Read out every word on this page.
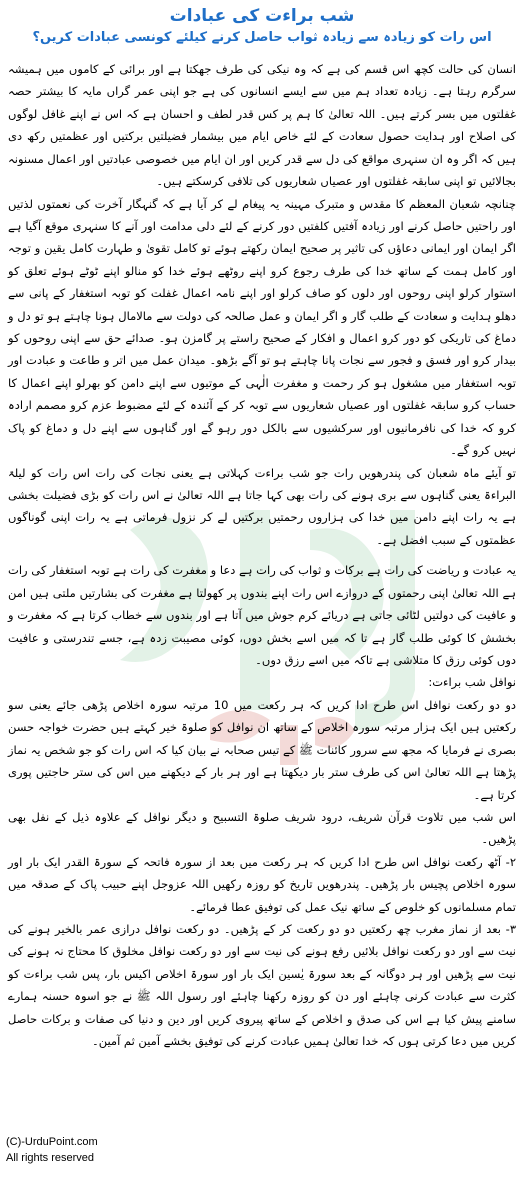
شب براءت کی عبادات
اس رات کو زیادہ سے زیادہ ثواب حاصل کرنے کیلئے کونسی عبادات کریں؟

انسان کی حالت کچھ اس قسم کی ہے کہ وہ نیکی کی طرف جھکتا ہے اور برائی کے کاموں میں ہمیشہ سرگرم رہتا ہے۔ زیادہ تعداد ہم میں سے ایسے انسانوں کی ہے جو اپنی عمر گراں مایہ کا بیشتر حصہ غفلتوں میں بسر کرتے ہیں۔ اللہ تعالیٰ کا ہم پر کس قدر لطف و احسان ہے کہ اس نے اپنے غافل لوگوں کی اصلاح اور ہدایت حصول سعادت کے لئے خاص ایام میں بیشمار فضیلتیں برکتیں اور عظمتیں رکھ دی ہیں کہ اگر وہ ان سنہری مواقع کی دل سے قدر کریں اور ان ایام میں خصوصی عبادتیں اور اعمال مسنونہ بجالائیں تو اپنی سابقہ غفلتوں اور عصیاں شعاریوں کی تلافی کرسکتے ہیں۔

چنانچہ شعبان المعظم کا مقدس و متبرک مہینہ یہ پیغام لے کر آیا ہے کہ گنہگار آخرت کی نعمتوں لذتیں اور راحتیں حاصل کرنے اور زیادہ آفتیں کلفتیں دور کرنے کے لئے دلی مدامت اور آنے کا سنہری موقع آگیا ہے اگر ایمان اور ایمانی دعاؤں کی تاثیر پر صحیح ایمان رکھتے ہوئے تو کامل تقویٰ و طہارت کامل یقین و توجہ اور کامل ہمت کے ساتھ خدا کی طرف رجوع کرو اپنے روٹھے ہوئے خدا کو منالو اپنے ٹوٹے ہوئے تعلق کو استوار کرلو اپنی روحوں اور دلوں کو صاف کرلو اور اپنے نامہ اعمال غفلت کو توبہ استغفار کے پانی سے دھلو ہدایت و سعادت کے طلب گار و اگر ایمان و عمل صالحہ کی دولت سے مالامال ہونا چاہتے ہو تو دل و دماغ کی تاریکی کو دور کرو اعمال و افکار کے صحیح راستے پر گامزن ہو۔ صدائے حق سے اپنی روحوں کو بیدار کرو اور فسق و فجور سے نجات پانا چاہتے ہو تو آگے بڑھو۔ میدان عمل میں اتر و طاعت و عبادت اور توبہ استغفار میں مشغول ہو کر رحمت و مغفرت الٰہی کے موتیوں سے اپنے دامن کو بھرلو اپنے اعمال کا حساب کرو سابقہ غفلتوں اور عصیاں شعاریوں سے توبہ کر کے آئندہ کے لئے مضبوط عزم کرو مصمم ارادہ کرو کہ خدا کی نافرمانیوں اور سرکشیوں سے بالکل دور رہو گے اور گناہوں سے اپنے دل و دماغ کو پاک نہیں کرو گے۔

تو آیئے ماہ شعبان کی پندرھویں رات جو شب براءت کہلاتی ہے یعنی نجات کی رات اس رات کو لیلۃ البراءۃ یعنی گناہوں سے بری ہونے کی رات بھی کہا جاتا ہے اللہ تعالیٰ نے اس رات کو بڑی فضیلت بخشی ہے یہ رات اپنے دامن میں خدا کی ہزاروں رحمتیں برکتیں لے کر نزول فرماتی ہے یہ رات اپنی گوناگوں عظمتوں کے سبب افضل ہے۔

یہ عبادت و ریاضت کی رات ہے برکات و ثواب کی رات ہے دعا و مغفرت کی رات ہے توبہ استغفار کی رات ہے اللہ تعالیٰ اپنی رحمتوں کے دروازے اس رات اپنے بندوں پر کھولتا ہے مغفرت کی بشارتیں ملتی ہیں امن و عافیت کی دولتیں لٹائی جاتی ہے دریائے کرم جوش میں آتا ہے اور بندوں سے خطاب کرتا ہے کہ مغفرت و بخشش کا کوئی طلب گار ہے تا کہ میں اسے بخش دوں، کوئی مصیبت زدہ ہے، جسے تندرستی و عافیت دوں کوئی رزق کا متلاشی ہے تاکہ میں اسے رزق دوں۔

نوافل شب براءت:

دو دو رکعت نوافل اس طرح ادا کریں کہ ہر رکعت میں 10 مرتبہ سورہ اخلاص پڑھی جائے یعنی سو رکعتیں ہیں ایک ہزار مرتبہ سورہ اخلاص کے ساتھ ان نوافل کو صلوۃ خیر کہتے ہیں حضرت خواجہ حسن بصری نے فرمایا کہ مجھ سے سرور کائنات ﷺ کے تیس صحابہ نے بیان کیا کہ اس رات کو جو شخص یہ نماز پڑھتا ہے اللہ تعالیٰ اس کی طرف ستر بار دیکھتا ہے اور ہر بار کے دیکھنے میں اس کی ستر حاجتیں پوری کرتا ہے۔

اس شب میں تلاوت قرآن شریف، درود شریف صلوۃ التسبیح و دیگر نوافل کے علاوہ ذیل کے نفل بھی پڑھیں۔

۲- آٹھ رکعت نوافل اس طرح ادا کریں کہ ہر رکعت میں بعد از سورہ فاتحہ کے سورۃ القدر ایک بار اور سورہ اخلاص پچیس بار پڑھیں۔ پندرھویں تاریخ کو روزہ رکھیں اللہ عزوجل اپنے حبیب پاک کے صدقہ میں تمام مسلمانوں کو خلوص کے ساتھ نیک عمل کی توفیق عطا فرمائے۔

۳- بعد از نماز مغرب چھ رکعتیں دو دو رکعت کر کے پڑھیں۔ دو رکعت نوافل درازی عمر بالخیر ہونے کی نیت سے اور دو رکعت نوافل بلائیں رفع ہونے کی نیت سے اور دو رکعت نوافل مخلوق کا محتاج نہ ہونے کی نیت سے پڑھیں اور ہر دوگانہ کے بعد سورۃ یٰسین ایک بار اور سورۃ اخلاص اکیس بار، پس شب براءت کو کثرت سے عبادت کرنی چاہئے اور دن کو روزہ رکھنا چاہئے اور رسول اللہ ﷺ نے جو اسوہ حسنہ ہمارے سامنے پیش کیا ہے اس کی صدق و اخلاص کے ساتھ پیروی کریں اور دین و دنیا کی صفات و برکات حاصل کریں میں دعا کرتی ہوں کہ خدا تعالیٰ ہمیں عبادت کرنے کی توفیق بخشے آمین ثم آمین۔

(C)-UrduPoint.com
All rights reserved
